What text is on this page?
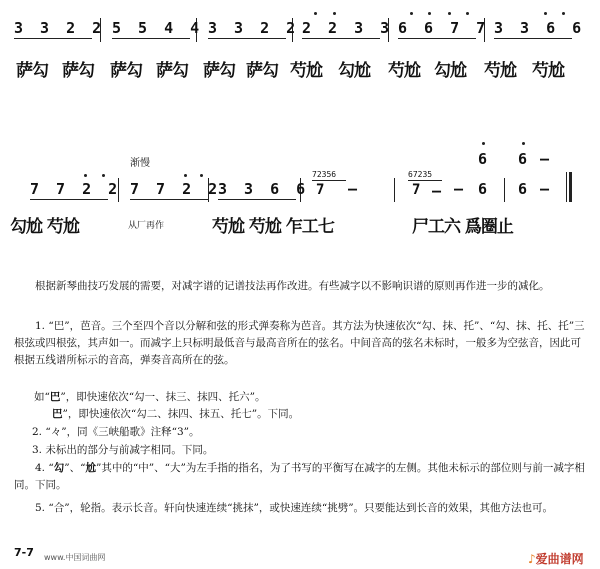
3 3 2 2 5 5 4 4 3 3 2 2 2 2 3 3 6 6 7 7 3 3 6 6
萨勾 萨勾 萨勾 萨勾 萨勾 萨勾 芍尬 勾尬 芍尬 勾尬 芍尬 芍尬
渐慢
7 7 2 2 7 7 2 2
3 3 6 6
72356
—
7
67235
7 —
6
6
6
6
—
—
—
勾尬 芍尬	从厂再作	芍尬 芍尬 乍工七	尸工六 爲圈止
根据新琴曲技巧发展的需要，对减字谱的记谱技法再作改进。有些减字以不影响识谱的原则再作进一步的减化。
1. “巴”，芭音。三个至四个音以分解和弦的形式弹奏称为芭音。其方法为快速依次“勾、抹、托”、“勾、抹、托、托”三根弦或四根弦，其声如一。而减字上只标明最低音与最高音所在的弦名。中间音高的弦名未标时，一般多为空弦音，因此可根据五线谱所标示的音高，弹奏音高所在的弦。
如“巴”，即快速依次“勾一、抹三、抹四、托六”。
巴”，即快速依次“勾二、抹四、抹五、托七”。下同。
2. “々”，同《三峡船歌》注释“3”。
3. 未标出的部分与前减字相同。下同。
4. “勾”、“尬”其中的“中”、“大”为左手指的指名，为了书写的平衡写在减字的左侧。其他未标示的部位则与前一减字相同。下同。
5. “合”，轮指。表示长音。轩向快速连续“挑抹”，或快速连续“挑劈”。只要能达到长音的效果，其他方法也可。
7-7 www.中国词曲网	♪爱曲谱网
